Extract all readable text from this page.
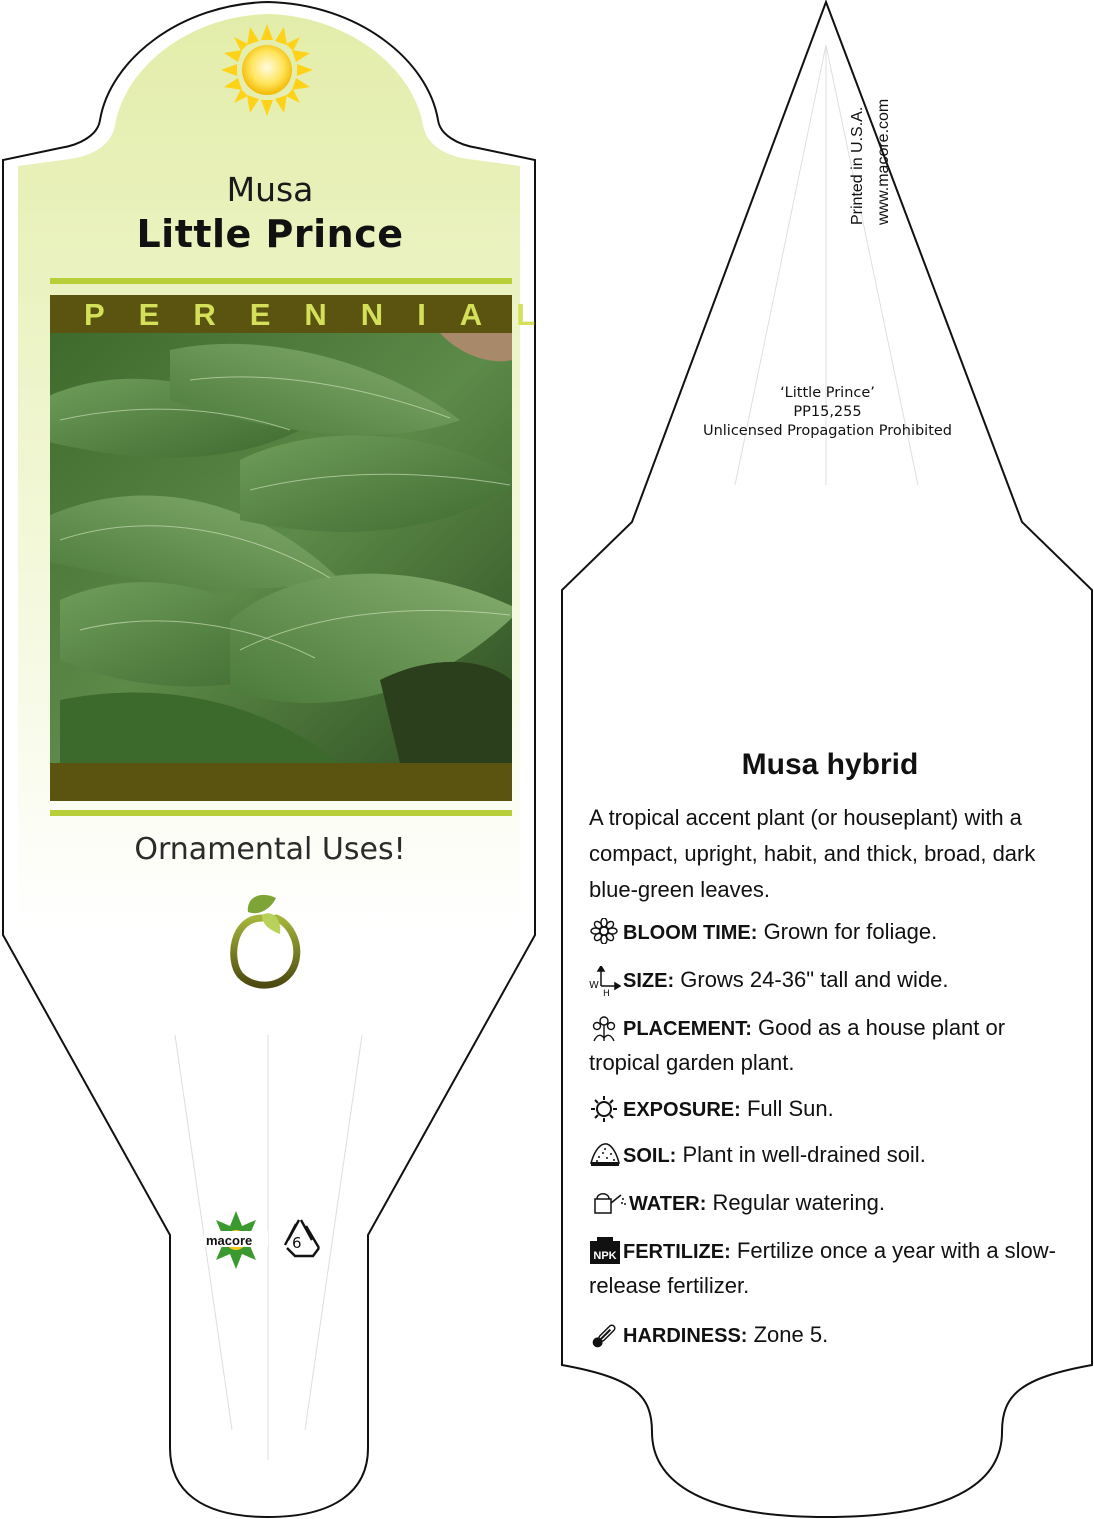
Musa
Little Prince
PERENNIAL
Ornamental Uses!
macore	6
Printed in U.S.A. www.macore.com
‘Little Prince’
PP15,255
Unlicensed Propagation Prohibited
Musa hybrid
A tropical accent plant (or houseplant) with a compact, upright, habit, and thick, broad, dark blue-green leaves.
BLOOM TIME: Grown for foliage.
W
H
SIZE: Grows 24-36" tall and wide.
PLACEMENT: Good as a house plant or tropical garden plant.
EXPOSURE: Full Sun.
SOIL: Plant in well-drained soil.
WATER: Regular watering.
NPK FERTILIZE: Fertilize once a year with a slow-release fertilizer.
HARDINESS: Zone 5.
